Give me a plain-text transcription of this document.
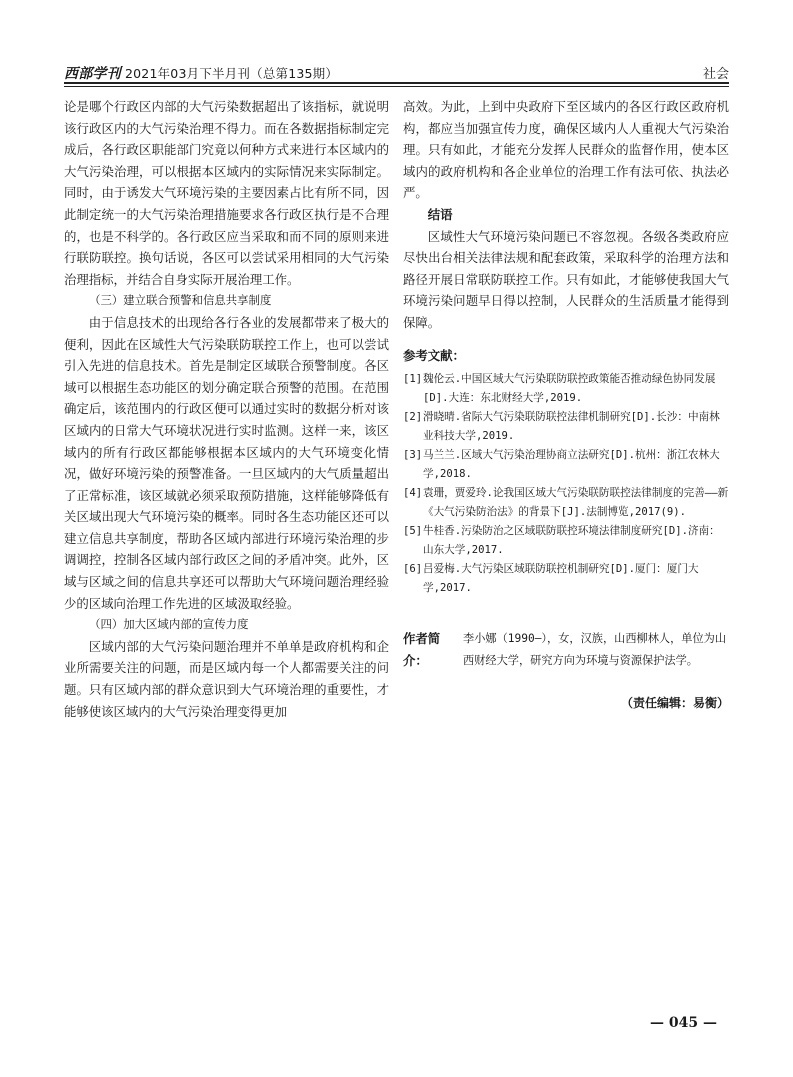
西部学刊 2021年03月下半月刊（总第135期）	社会

论是哪个行政区内部的大气污染数据超出了该指标，就说明该行政区内的大气污染治理不得力。而在各数据指标制定完成后，各行政区职能部门究竟以何种方式来进行本区域内的大气污染治理，可以根据本区域内的实际情况来实际制定。同时，由于诱发大气环境污染的主要因素占比有所不同，因此制定统一的大气污染治理措施要求各行政区执行是不合理的，也是不科学的。各行政区应当采取和而不同的原则来进行联防联控。换句话说，各区可以尝试采用相同的大气污染治理指标，并结合自身实际开展治理工作。

（三）建立联合预警和信息共享制度

由于信息技术的出现给各行各业的发展都带来了极大的便利，因此在区域性大气污染联防联控工作上，也可以尝试引入先进的信息技术。首先是制定区域联合预警制度。各区域可以根据生态功能区的划分确定联合预警的范围。在范围确定后，该范围内的行政区便可以通过实时的数据分析对该区域内的日常大气环境状况进行实时监测。这样一来，该区域内的所有行政区都能够根据本区域内的大气环境变化情况，做好环境污染的预警准备。一旦区域内的大气质量超出了正常标准，该区域就必须采取预防措施，这样能够降低有关区域出现大气环境污染的概率。同时各生态功能区还可以建立信息共享制度，帮助各区域内部进行环境污染治理的步调调控，控制各区域内部行政区之间的矛盾冲突。此外，区域与区域之间的信息共享还可以帮助大气环境问题治理经验少的区域向治理工作先进的区域汲取经验。

（四）加大区域内部的宣传力度

区域内部的大气污染问题治理并不单单是政府机构和企业所需要关注的问题，而是区域内每一个人都需要关注的问题。只有区域内部的群众意识到大气环境治理的重要性，才能够使该区域内的大气污染治理变得更加

高效。为此，上到中央政府下至区域内的各区行政区政府机构，都应当加强宣传力度，确保区域内人人重视大气污染治理。只有如此，才能充分发挥人民群众的监督作用，使本区域内的政府机构和各企业单位的治理工作有法可依、执法必严。

结语

区域性大气环境污染问题已不容忽视。各级各类政府应尽快出台相关法律法规和配套政策，采取科学的治理方法和路径开展日常联防联控工作。只有如此，才能够使我国大气环境污染问题早日得以控制，人民群众的生活质量才能得到保障。

参考文献：
[1] 魏伦云.中国区域大气污染联防联控政策能否推动绿色协同发展[D].大连：东北财经大学,2019.
[2] 滑晓晴.省际大气污染联防联控法律机制研究[D].长沙：中南林业科技大学,2019.
[3] 马兰兰.区域大气污染治理协商立法研究[D].杭州：浙江农林大学,2018.
[4] 袁珊，贾爱玲.论我国区域大气污染联防联控法律制度的完善——新《大气污染防治法》的背景下[J].法制博览,2017(9).
[5] 牛桂香.污染防治之区域联防联控环境法律制度研究[D].济南：山东大学,2017.
[6] 吕爱梅.大气污染区域联防联控机制研究[D].厦门：厦门大学,2017.
作者简介：
李小娜（1990—），女，汉族，山西柳林人，单位为山西财经大学，研究方向为环境与资源保护法学。
（责任编辑：易衡）
— 045 —
